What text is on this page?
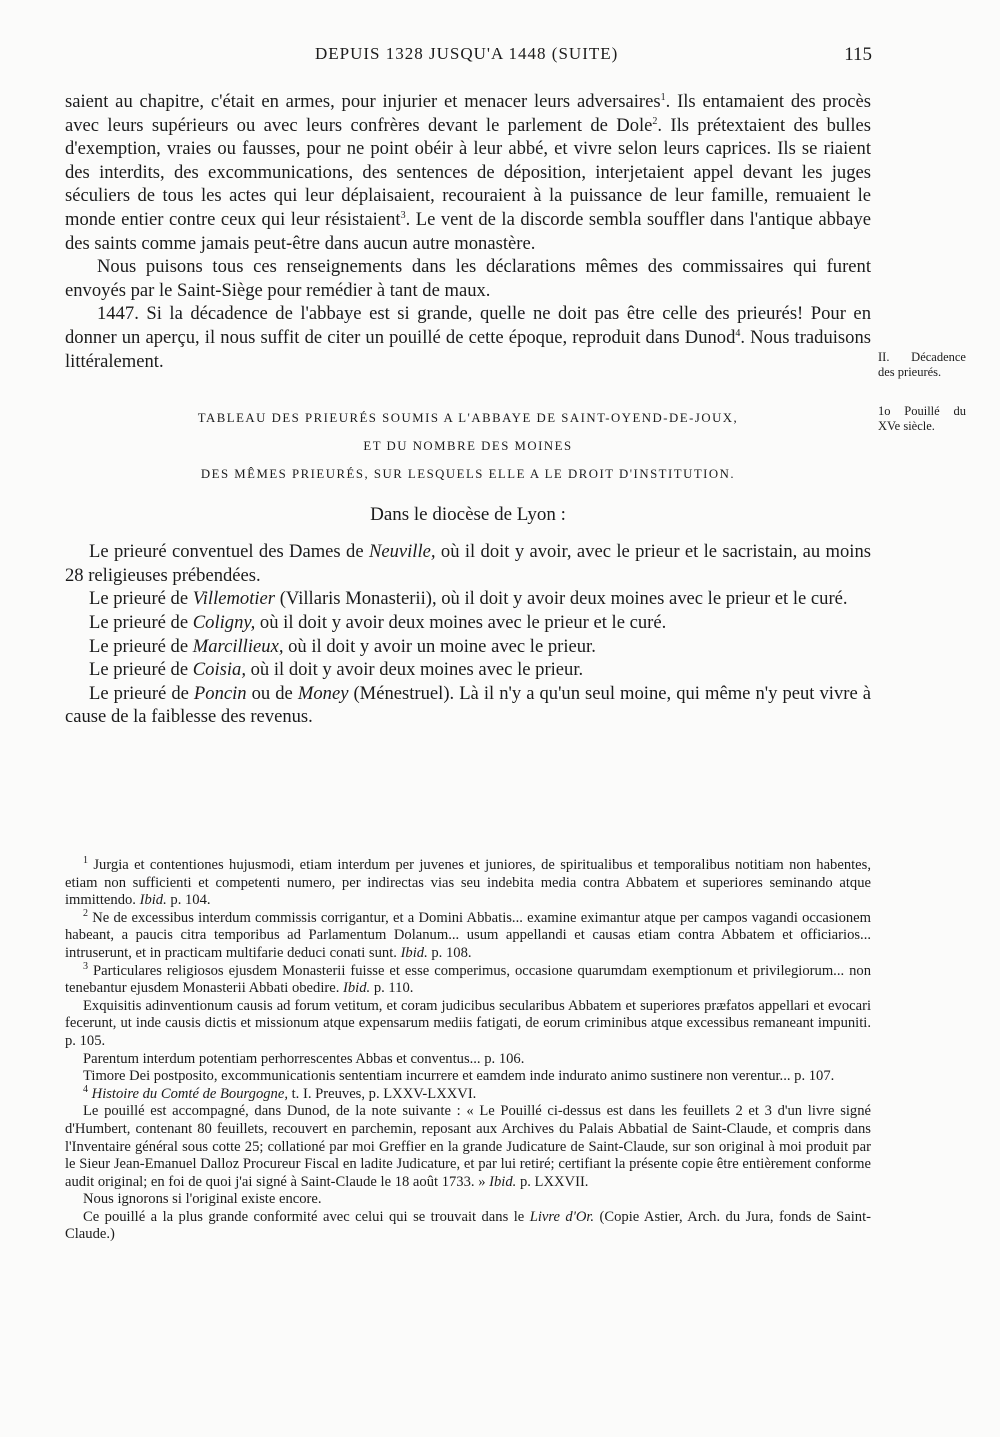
DEPUIS 1328 JUSQU'A 1448 (SUITE)	115
II. Décadence des prieurés.
1o Pouillé du XVe siècle.

saient au chapitre, c'était en armes, pour injurier et menacer leurs adversaires$^1$. Ils entamaient des procès avec leurs supérieurs ou avec leurs confrères devant le parlement de Dole$^2$. Ils prétextaient des bulles d'exemption, vraies ou fausses, pour ne point obéir à leur abbé, et vivre selon leurs caprices. Ils se riaient des interdits, des excommunications, des sentences de déposition, interjetaient appel devant les juges séculiers de tous les actes qui leur déplaisaient, recouraient à la puissance de leur famille, remuaient le monde entier contre ceux qui leur résistaient$^3$. Le vent de la discorde sembla souffler dans l'antique abbaye des saints comme jamais peut-être dans aucun autre monastère.

Nous puisons tous ces renseignements dans les déclarations mêmes des commissaires qui furent envoyés par le Saint-Siège pour remédier à tant de maux.

1447. Si la décadence de l'abbaye est si grande, quelle ne doit pas être celle des prieurés! Pour en donner un aperçu, il nous suffit de citer un pouillé de cette époque, reproduit dans Dunod$^4$. Nous traduisons littéralement.

TABLEAU DES PRIEURÉS SOUMIS A L'ABBAYE DE SAINT-OYEND-DE-JOUX,

ET DU NOMBRE DES MOINES

DES MÊMES PRIEURÉS, SUR LESQUELS ELLE A LE DROIT D'INSTITUTION.

Dans le diocèse de Lyon :

Le prieuré conventuel des Dames de Neuville, où il doit y avoir, avec le prieur et le sacristain, au moins 28 religieuses prébendées.

Le prieuré de Villemotier (Villaris Monasterii), où il doit y avoir deux moines avec le prieur et le curé.

Le prieuré de Coligny, où il doit y avoir deux moines avec le prieur et le curé.

Le prieuré de Marcillieux, où il doit y avoir un moine avec le prieur.

Le prieuré de Coisia, où il doit y avoir deux moines avec le prieur.

Le prieuré de Poncin ou de Money (Ménestruel). Là il n'y a qu'un seul moine, qui même n'y peut vivre à cause de la faiblesse des revenus.

$^1$ Jurgia et contentiones hujusmodi, etiam interdum per juvenes et juniores, de spiritualibus et temporalibus notitiam non habentes, etiam non sufficienti et competenti numero, per indirectas vias seu indebita media contra Abbatem et superiores seminando atque immittendo. Ibid. p. 104.

$^2$ Ne de excessibus interdum commissis corrigantur, et a Domini Abbatis... examine eximantur atque per campos vagandi occasionem habeant, a paucis citra temporibus ad Parlamentum Dolanum... usum appellandi et causas etiam contra Abbatem et officiarios... intruserunt, et in practicam multifarie deduci conati sunt. Ibid. p. 108.

$^3$ Particulares religiosos ejusdem Monasterii fuisse et esse comperimus, occasione quarumdam exemptionum et privilegiorum... non tenebantur ejusdem Monasterii Abbati obedire. Ibid. p. 110.

Exquisitis adinventionum causis ad forum vetitum, et coram judicibus secularibus Abbatem et superiores præfatos appellari et evocari fecerunt, ut inde causis dictis et missionum atque expensarum mediis fatigati, de eorum criminibus atque excessibus remaneant impuniti. p. 105.

Parentum interdum potentiam perhorrescentes Abbas et conventus... p. 106.

Timore Dei postposito, excommunicationis sententiam incurrere et eamdem inde indurato animo sustinere non verentur... p. 107.

$^4$ Histoire du Comté de Bourgogne, t. I. Preuves, p. LXXV-LXXVI.

Le pouillé est accompagné, dans Dunod, de la note suivante : « Le Pouillé ci-dessus est dans les feuillets 2 et 3 d'un livre signé d'Humbert, contenant 80 feuillets, recouvert en parchemin, reposant aux Archives du Palais Abbatial de Saint-Claude, et compris dans l'Inventaire général sous cotte 25; collationé par moi Greffier en la grande Judicature de Saint-Claude, sur son original à moi produit par le Sieur Jean-Emanuel Dalloz Procureur Fiscal en ladite Judicature, et par lui retiré; certifiant la présente copie être entièrement conforme audit original; en foi de quoi j'ai signé à Saint-Claude le 18 août 1733. » Ibid. p. LXXVII.

Nous ignorons si l'original existe encore.

Ce pouillé a la plus grande conformité avec celui qui se trouvait dans le Livre d'Or. (Copie Astier, Arch. du Jura, fonds de Saint-Claude.)
